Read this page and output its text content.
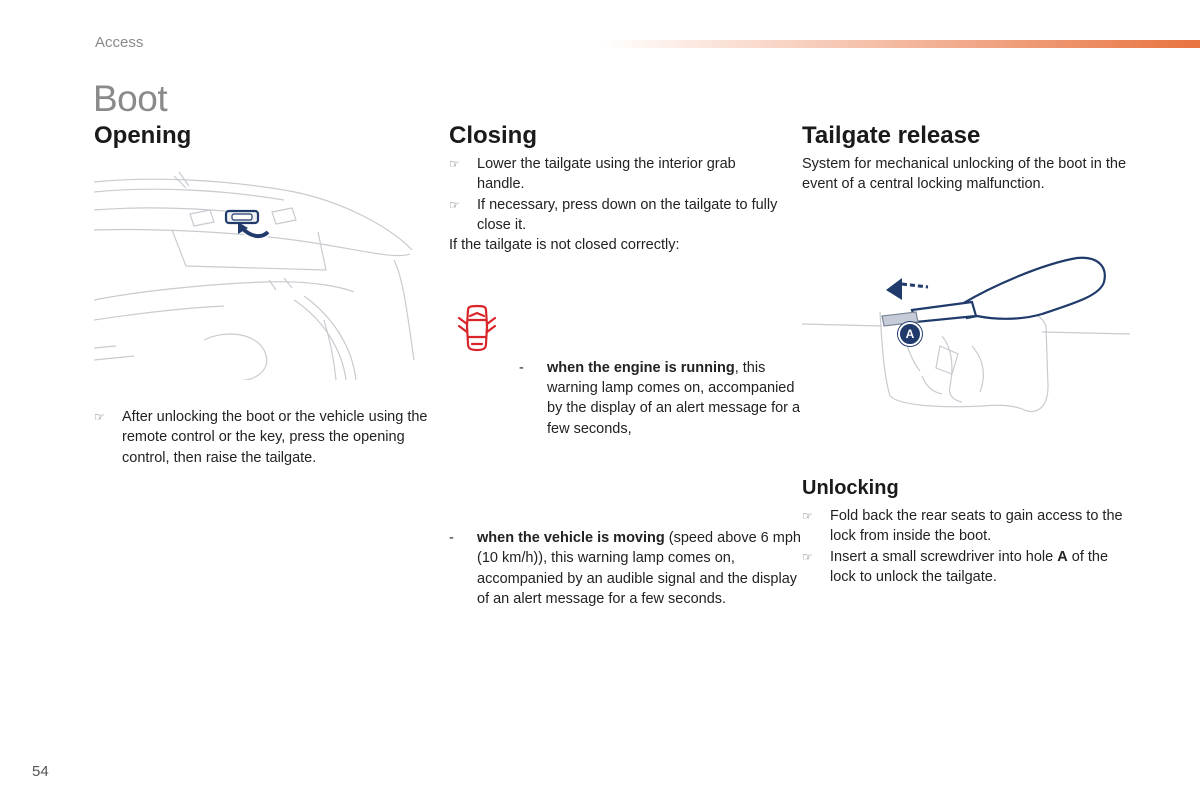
Access
Boot
Opening
☞	After unlocking the boot or the vehicle using the remote control or the key, press the opening control, then raise the tailgate.
Closing
☞	Lower the tailgate using the interior grab handle.
☞	If necessary, press down on the tailgate to fully close it.
If the tailgate is not closed correctly:
- when the engine is running, this warning lamp comes on, accompanied by the display of an alert message for a few seconds,
- when the vehicle is moving (speed above 6 mph (10 km/h)), this warning lamp comes on, accompanied by an audible signal and the display of an alert message for a few seconds.
Tailgate release
System for mechanical unlocking of the boot in the event of a central locking malfunction.
A
Unlocking
☞	Fold back the rear seats to gain access to the lock from inside the boot.
☞	Insert a small screwdriver into hole A of the lock to unlock the tailgate.
54
